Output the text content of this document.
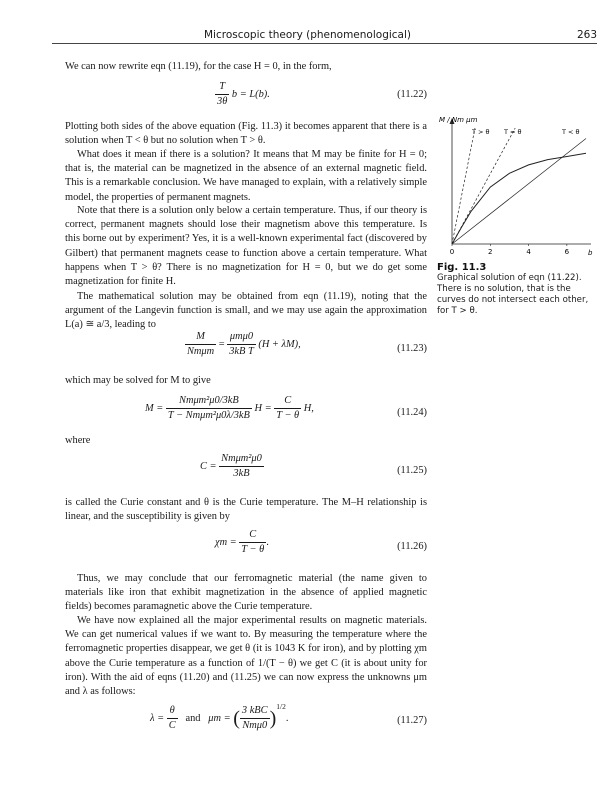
Microscopic theory (phenomenological)	263
We can now rewrite eqn (11.19), for the case H = 0, in the form,
$\frac{T}{3\theta}$ b = L(b).	(11.22)
Plotting both sides of the above equation (Fig. 11.3) it becomes apparent that there is a solution when T < θ but no solution when T > θ.
What does it mean if there is a solution? It means that M may be finite for H = 0; that is, the material can be magnetized in the absence of an external magnetic field. This is a remarkable conclusion. We have managed to explain, with a relatively simple model, the properties of permanent magnets.
Note that there is a solution only below a certain temperature. Thus, if our theory is correct, permanent magnets should lose their magnetism above this temperature. Is this borne out by experiment? Yes, it is a well-known experimental fact (discovered by Gilbert) that permanent magnets cease to function above a certain temperature. What happens when T > θ? There is no magnetization for H = 0, but we do get some magnetization for finite H.
The mathematical solution may be obtained from eqn (11.19), noting that the argument of the Langevin function is small, and we may use again the approximation L(a) ≅ a/3, leading to
$\frac{M}{\text{Nmμm}} = \frac{\text{μmμ0}}{\text{3kB T}} (H + \lambda M)$,	(11.23)
which may be solved for M to give
$M = \frac{\text{Nmμm²μ0/3kB}}{\text{T − Nmμm²μ0λ/3kB}}$ $H = \frac{C}{T - \theta} H$,	(11.24)
where
$C = \frac{\text{Nmμm²μ0}}{3kB}$	(11.25)
is called the Curie constant and θ is the Curie temperature. The M–H relationship is linear, and the susceptibility is given by
$\chi m = \frac{C}{T - \theta}$ .	(11.26)
Thus, we may conclude that our ferromagnetic material (the name given to materials like iron that exhibit magnetization in the absence of applied magnetic fields) becomes paramagnetic above the Curie temperature.
We have now explained all the major experimental results on magnetic materials. We can get numerical values if we want to. By measuring the temperature where the ferromagnetic properties disappear, we get θ (it is 1043 K for iron), and by plotting χm above the Curie temperature as a function of 1/(T − θ) we get C (it is about unity for iron). With the aid of eqns (11.20) and (11.25) we can now express the unknowns μm and λ as follows:
$\lambda = \frac{\theta}{C}$ and μm = ( $\frac{\text{3 kBC}}{\text{Nmμ0}} )^{1/2}$.	(11.27)
0	2	4	6
M / Nm μm
b
T > θ T = θ	T < θ
Fig. 11.3
Graphical solution of eqn (11.22). There is no solution, that is the curves do not intersect each other, for T > θ.
